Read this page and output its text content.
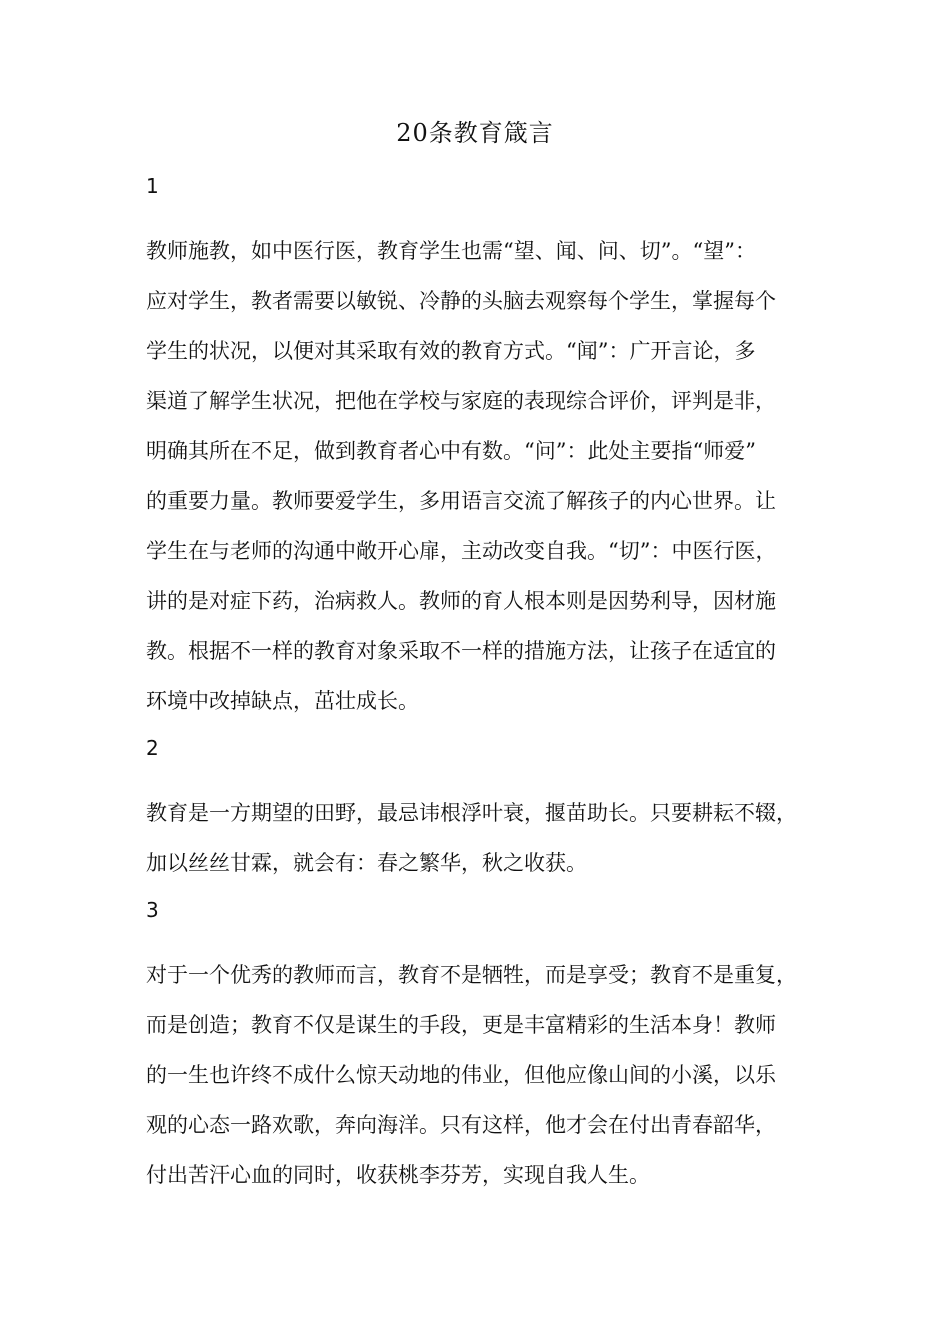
20条教育箴言
1
教师施教，如中医行医，教育学生也需“望、闻、问、切”。“望”：
应对学生，教者需要以敏锐、冷静的头脑去观察每个学生，掌握每个
学生的状况，以便对其采取有效的教育方式。“闻”：广开言论，多
渠道了解学生状况，把他在学校与家庭的表现综合评价，评判是非，
明确其所在不足，做到教育者心中有数。“问”：此处主要指“师爱”
的重要力量。教师要爱学生，多用语言交流了解孩子的内心世界。让
学生在与老师的沟通中敞开心扉，主动改变自我。“切”：中医行医，
讲的是对症下药，治病救人。教师的育人根本则是因势利导，因材施
教。根据不一样的教育对象采取不一样的措施方法，让孩子在适宜的
环境中改掉缺点，茁壮成长。
2
教育是一方期望的田野，最忌讳根浮叶衰，揠苗助长。只要耕耘不辍，
加以丝丝甘霖，就会有：春之繁华，秋之收获。
3
对于一个优秀的教师而言，教育不是牺牲，而是享受；教育不是重复，
而是创造；教育不仅是谋生的手段，更是丰富精彩的生活本身！教师
的一生也许终不成什么惊天动地的伟业，但他应像山间的小溪，以乐
观的心态一路欢歌，奔向海洋。只有这样，他才会在付出青春韶华，
付出苦汗心血的同时，收获桃李芬芳，实现自我人生。
